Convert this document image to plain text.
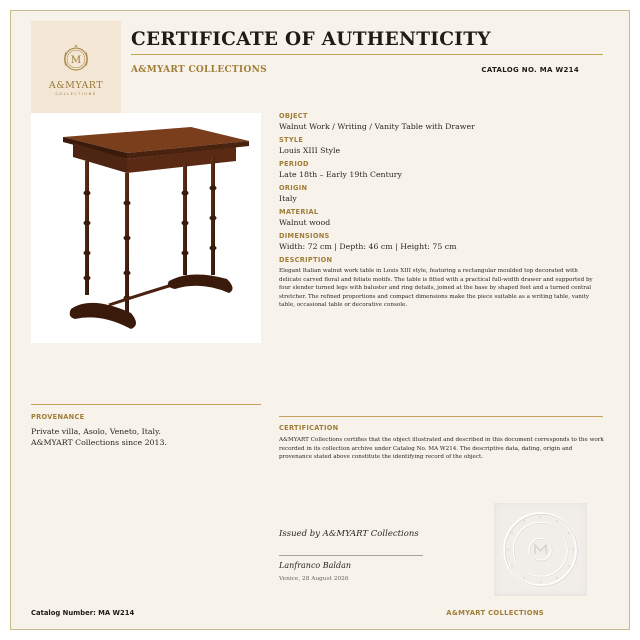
M
A&MYART
COLLECTIONS
CERTIFICATE OF AUTHENTICITY
A&MYART COLLECTIONS	CATALOG NO. MA W214
OBJECT
Walnut Work / Writing / Vanity Table with Drawer
STYLE
Louis XIII Style
PERIOD
Late 18th – Early 19th Century
ORIGIN
Italy
MATERIAL
Walnut wood
DIMENSIONS
Width: 72 cm | Depth: 46 cm | Height: 75 cm
DESCRIPTION
Elegant Italian walnut work table in Louis XIII style, featuring a rectangular moulded top decorated with delicate carved floral and foliate motifs. The table is fitted with a practical full-width drawer and supported by four slender turned legs with baluster and ring details, joined at the base by shaped feet and a turned central stretcher. The refined proportions and compact dimensions make the piece suitable as a writing table, vanity table, occasional table or decorative console.
PROVENANCE
Private villa, Asolo, Veneto, Italy.
A&MYART Collections since 2013.
CERTIFICATION
A&MYART Collections certifies that the object illustrated and described in this document corresponds to the work recorded in its collection archive under Catalog No. MA W214. The descriptive data, dating, origin and provenance stated above constitute the identifying record of the object.
Issued by A&MYART Collections
Lanfranco Baldan
Venice, 28 August 2026
Catalog Number: MA W214	A&MYART COLLECTIONS
